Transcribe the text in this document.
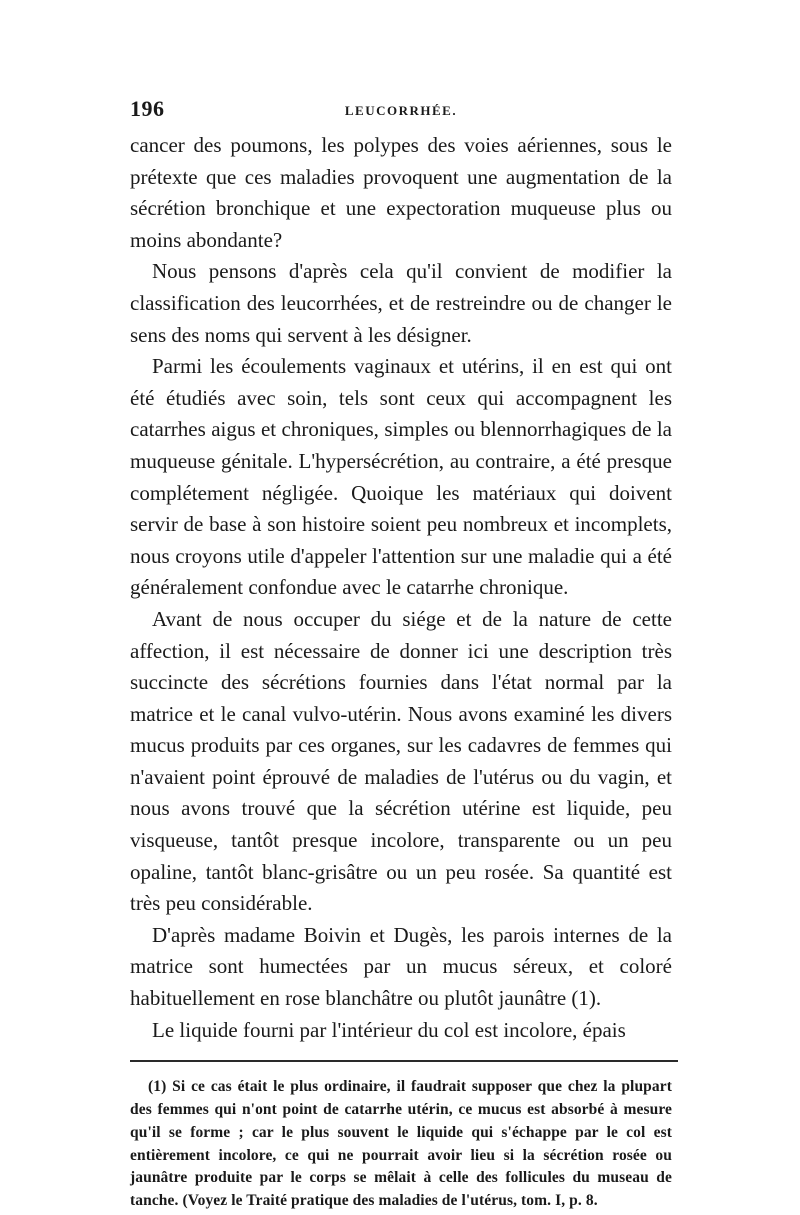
196	LEUCORRHÉE.

cancer des poumons, les polypes des voies aériennes, sous le prétexte que ces maladies provoquent une augmentation de la sécrétion bronchique et une expectoration muqueuse plus ou moins abondante?

Nous pensons d'après cela qu'il convient de modifier la classification des leucorrhées, et de restreindre ou de changer le sens des noms qui servent à les désigner.

Parmi les écoulements vaginaux et utérins, il en est qui ont été étudiés avec soin, tels sont ceux qui accompagnent les catarrhes aigus et chroniques, simples ou blennorrhagiques de la muqueuse génitale. L'hypersécrétion, au contraire, a été presque complétement négligée. Quoique les matériaux qui doivent servir de base à son histoire soient peu nombreux et incomplets, nous croyons utile d'appeler l'attention sur une maladie qui a été généralement confondue avec le catarrhe chronique.

Avant de nous occuper du siége et de la nature de cette affection, il est nécessaire de donner ici une description très succincte des sécrétions fournies dans l'état normal par la matrice et le canal vulvo-utérin. Nous avons examiné les divers mucus produits par ces organes, sur les cadavres de femmes qui n'avaient point éprouvé de maladies de l'utérus ou du vagin, et nous avons trouvé que la sécrétion utérine est liquide, peu visqueuse, tantôt presque incolore, transparente ou un peu opaline, tantôt blanc-grisâtre ou un peu rosée. Sa quantité est très peu considérable.

D'après madame Boivin et Dugès, les parois internes de la matrice sont humectées par un mucus séreux, et coloré habituellement en rose blanchâtre ou plutôt jaunâtre (1).

Le liquide fourni par l'intérieur du col est incolore, épais

(1) Si ce cas était le plus ordinaire, il faudrait supposer que chez la plupart des femmes qui n'ont point de catarrhe utérin, ce mucus est absorbé à mesure qu'il se forme ; car le plus souvent le liquide qui s'échappe par le col est entièrement incolore, ce qui ne pourrait avoir lieu si la sécrétion rosée ou jaunâtre produite par le corps se mêlait à celle des follicules du museau de tanche. (Voyez le Traité pratique des maladies de l'utérus, tom. I, p. 8.
